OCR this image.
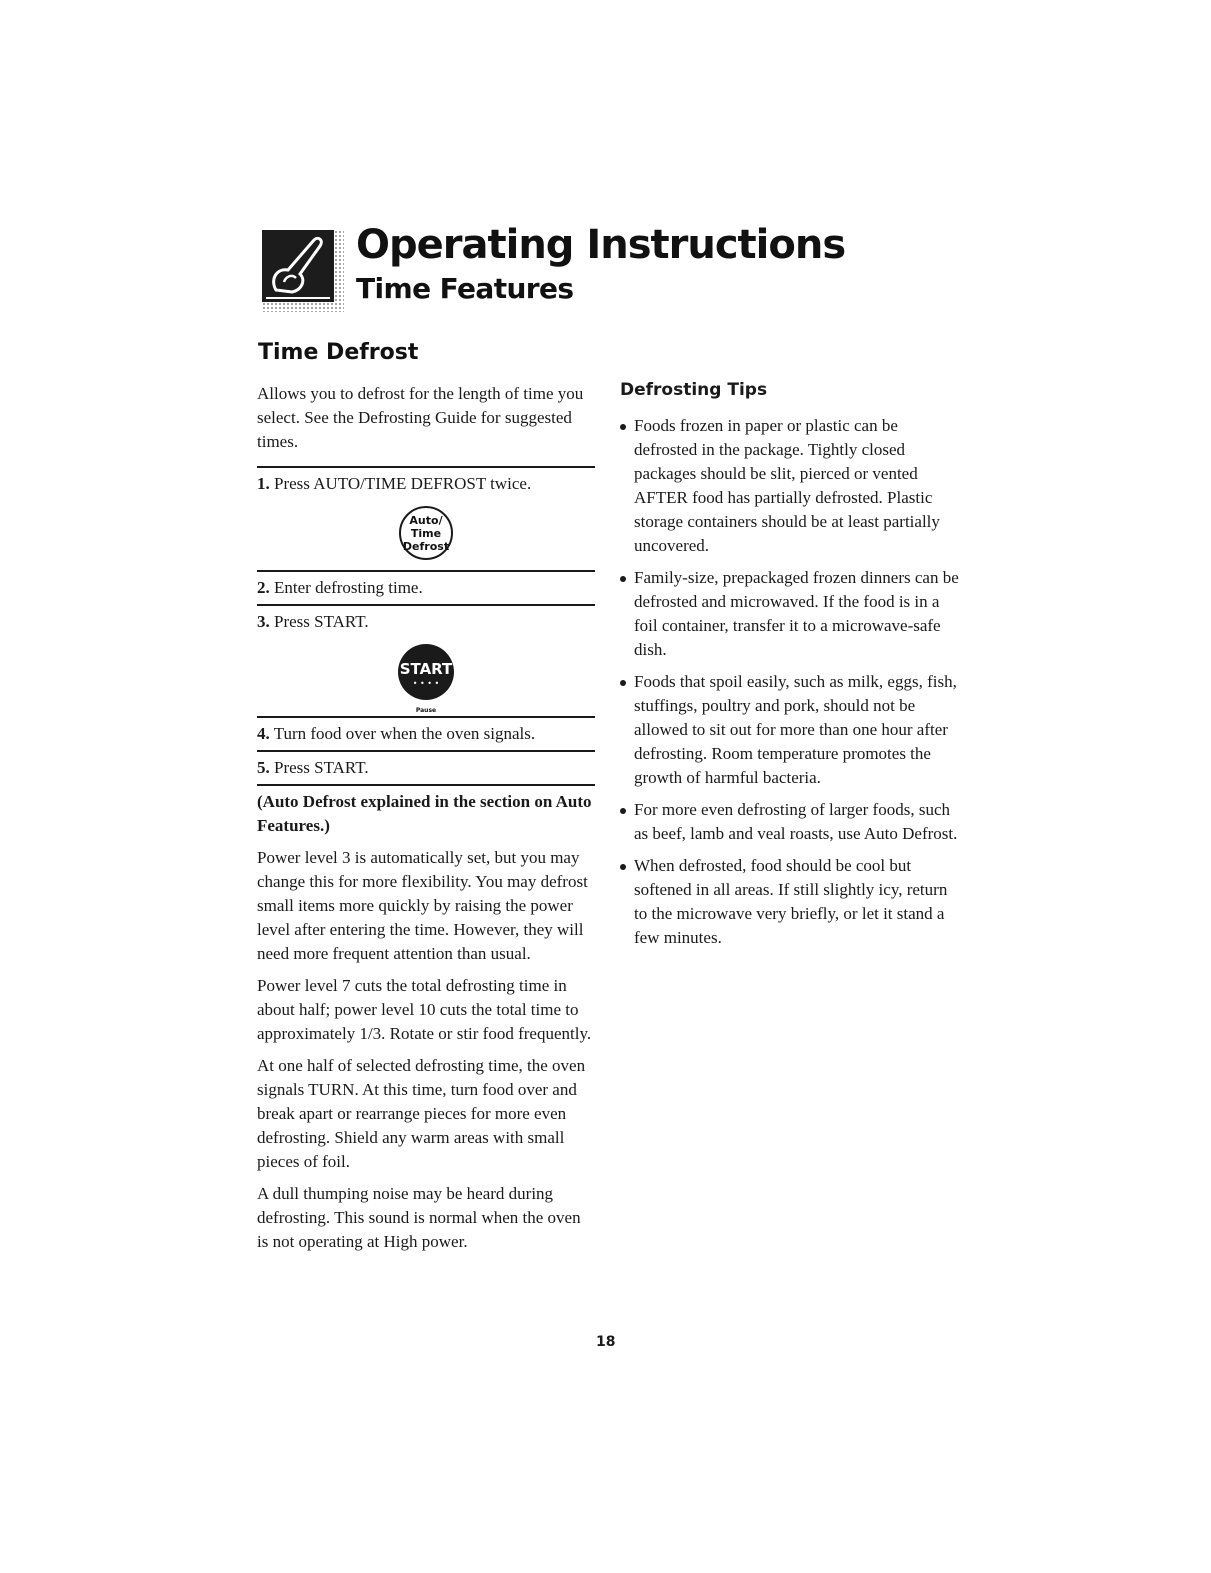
Operating Instructions
Time Features
Time Defrost

Allows you to defrost for the length of time you select. See the Defrosting Guide for suggested times.

1. Press AUTO/TIME DEFROST twice.
Auto/
Time
Defrost
2. Enter defrosting time.
3. Press START.
START
• • • •
Pause
4. Turn food over when the oven signals.
5. Press START.
(Auto Defrost explained in the section on Auto Features.)

Power level 3 is automatically set, but you may change this for more flexibility. You may defrost small items more quickly by raising the power level after entering the time. However, they will need more frequent attention than usual.

Power level 7 cuts the total defrosting time in about half; power level 10 cuts the total time to approximately 1/3. Rotate or stir food frequently.

At one half of selected defrosting time, the oven signals TURN. At this time, turn food over and break apart or rearrange pieces for more even defrosting. Shield any warm areas with small pieces of foil.

A dull thumping noise may be heard during defrosting. This sound is normal when the oven is not operating at High power.

Defrosting Tips
Foods frozen in paper or plastic can be defrosted in the package. Tightly closed packages should be slit, pierced or vented AFTER food has partially defrosted. Plastic storage containers should be at least partially uncovered.
Family-size, prepackaged frozen dinners can be defrosted and microwaved. If the food is in a foil container, transfer it to a microwave-safe dish.
Foods that spoil easily, such as milk, eggs, fish, stuffings, poultry and pork, should not be allowed to sit out for more than one hour after defrosting. Room temperature promotes the growth of harmful bacteria.
For more even defrosting of larger foods, such as beef, lamb and veal roasts, use Auto Defrost.
When defrosted, food should be cool but softened in all areas. If still slightly icy, return to the microwave very briefly, or let it stand a few minutes.
18
